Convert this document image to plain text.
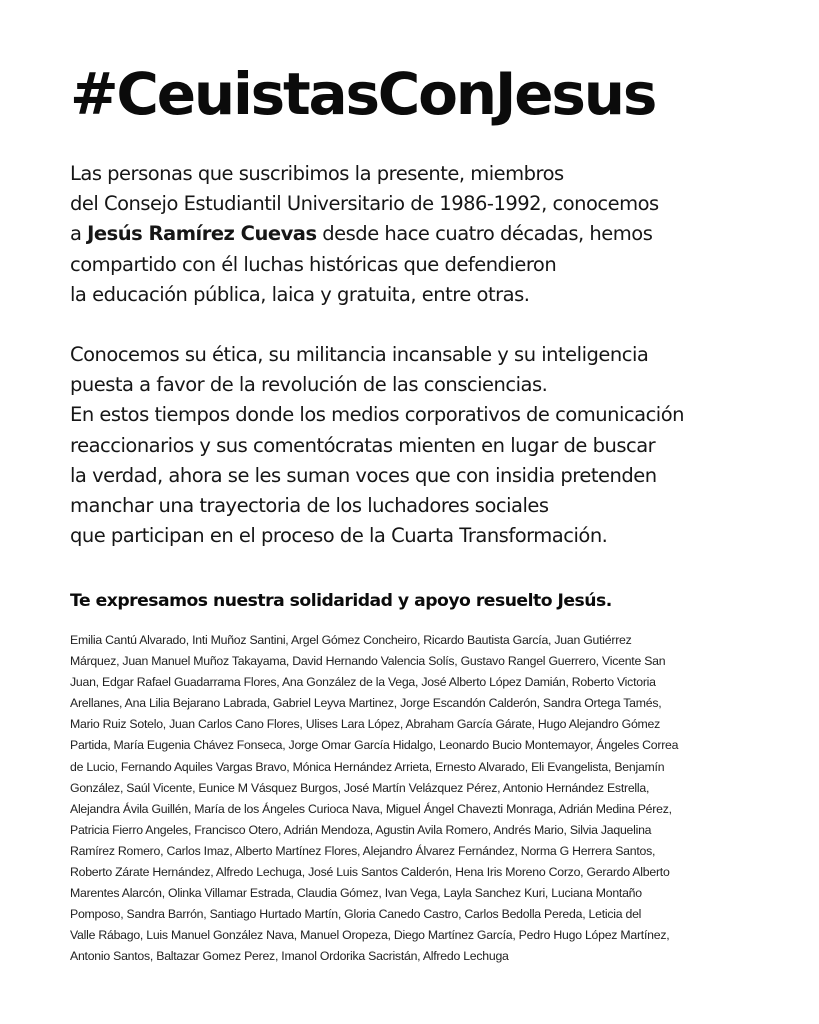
#CeuistasConJesus

Las personas que suscribimos la presente, miembros
del Consejo Estudiantil Universitario de 1986-1992, conocemos
a Jesús Ramírez Cuevas desde hace cuatro décadas, hemos
compartido con él luchas históricas que defendieron
la educación pública, laica y gratuita, entre otras.

Conocemos su ética, su militancia incansable y su inteligencia
puesta a favor de la revolución de las consciencias.
En estos tiempos donde los medios corporativos de comunicación
reaccionarios y sus comentócratas mienten en lugar de buscar
la verdad, ahora se les suman voces que con insidia pretenden
manchar una trayectoria de los luchadores sociales
que participan en el proceso de la Cuarta Transformación.

Te expresamos nuestra solidaridad y apoyo resuelto Jesús.

Emilia Cantú Alvarado, Inti Muñoz Santini, Argel Gómez Concheiro, Ricardo Bautista García, Juan Gutiérrez
Márquez, Juan Manuel Muñoz Takayama, David Hernando Valencia Solís, Gustavo Rangel Guerrero, Vicente San
Juan, Edgar Rafael Guadarrama Flores, Ana González de la Vega, José Alberto López Damián, Roberto Victoria
Arellanes, Ana Lilia Bejarano Labrada, Gabriel Leyva Martinez, Jorge Escandón Calderón, Sandra Ortega Tamés,
Mario Ruiz Sotelo, Juan Carlos Cano Flores, Ulises Lara López, Abraham García Gárate, Hugo Alejandro Gómez
Partida, María Eugenia Chávez Fonseca, Jorge Omar García Hidalgo, Leonardo Bucio Montemayor, Ángeles Correa
de Lucio, Fernando Aquiles Vargas Bravo, Mónica Hernández Arrieta, Ernesto Alvarado, Eli Evangelista, Benjamín
González, Saúl Vicente, Eunice M Vásquez Burgos, José Martín Velázquez Pérez, Antonio Hernández Estrella,
Alejandra Ávila Guillén, María de los Ángeles Curioca Nava, Miguel Ángel Chavezti Monraga, Adrián Medina Pérez,
Patricia Fierro Angeles, Francisco Otero, Adrián Mendoza, Agustin Avila Romero, Andrés Mario, Silvia Jaquelina
Ramírez Romero, Carlos Imaz, Alberto Martínez Flores, Alejandro Álvarez Fernández, Norma G Herrera Santos,
Roberto Zárate Hernández, Alfredo Lechuga, José Luis Santos Calderón, Hena Iris Moreno Corzo, Gerardo Alberto
Marentes Alarcón, Olinka Villamar Estrada, Claudia Gómez, Ivan Vega, Layla Sanchez Kuri, Luciana Montaño
Pomposo, Sandra Barrón, Santiago Hurtado Martín, Gloria Canedo Castro, Carlos Bedolla Pereda, Leticia del
Valle Rábago, Luis Manuel González Nava, Manuel Oropeza, Diego Martínez García, Pedro Hugo López Martínez,
Antonio Santos, Baltazar Gomez Perez, Imanol Ordorika Sacristán, Alfredo Lechuga
